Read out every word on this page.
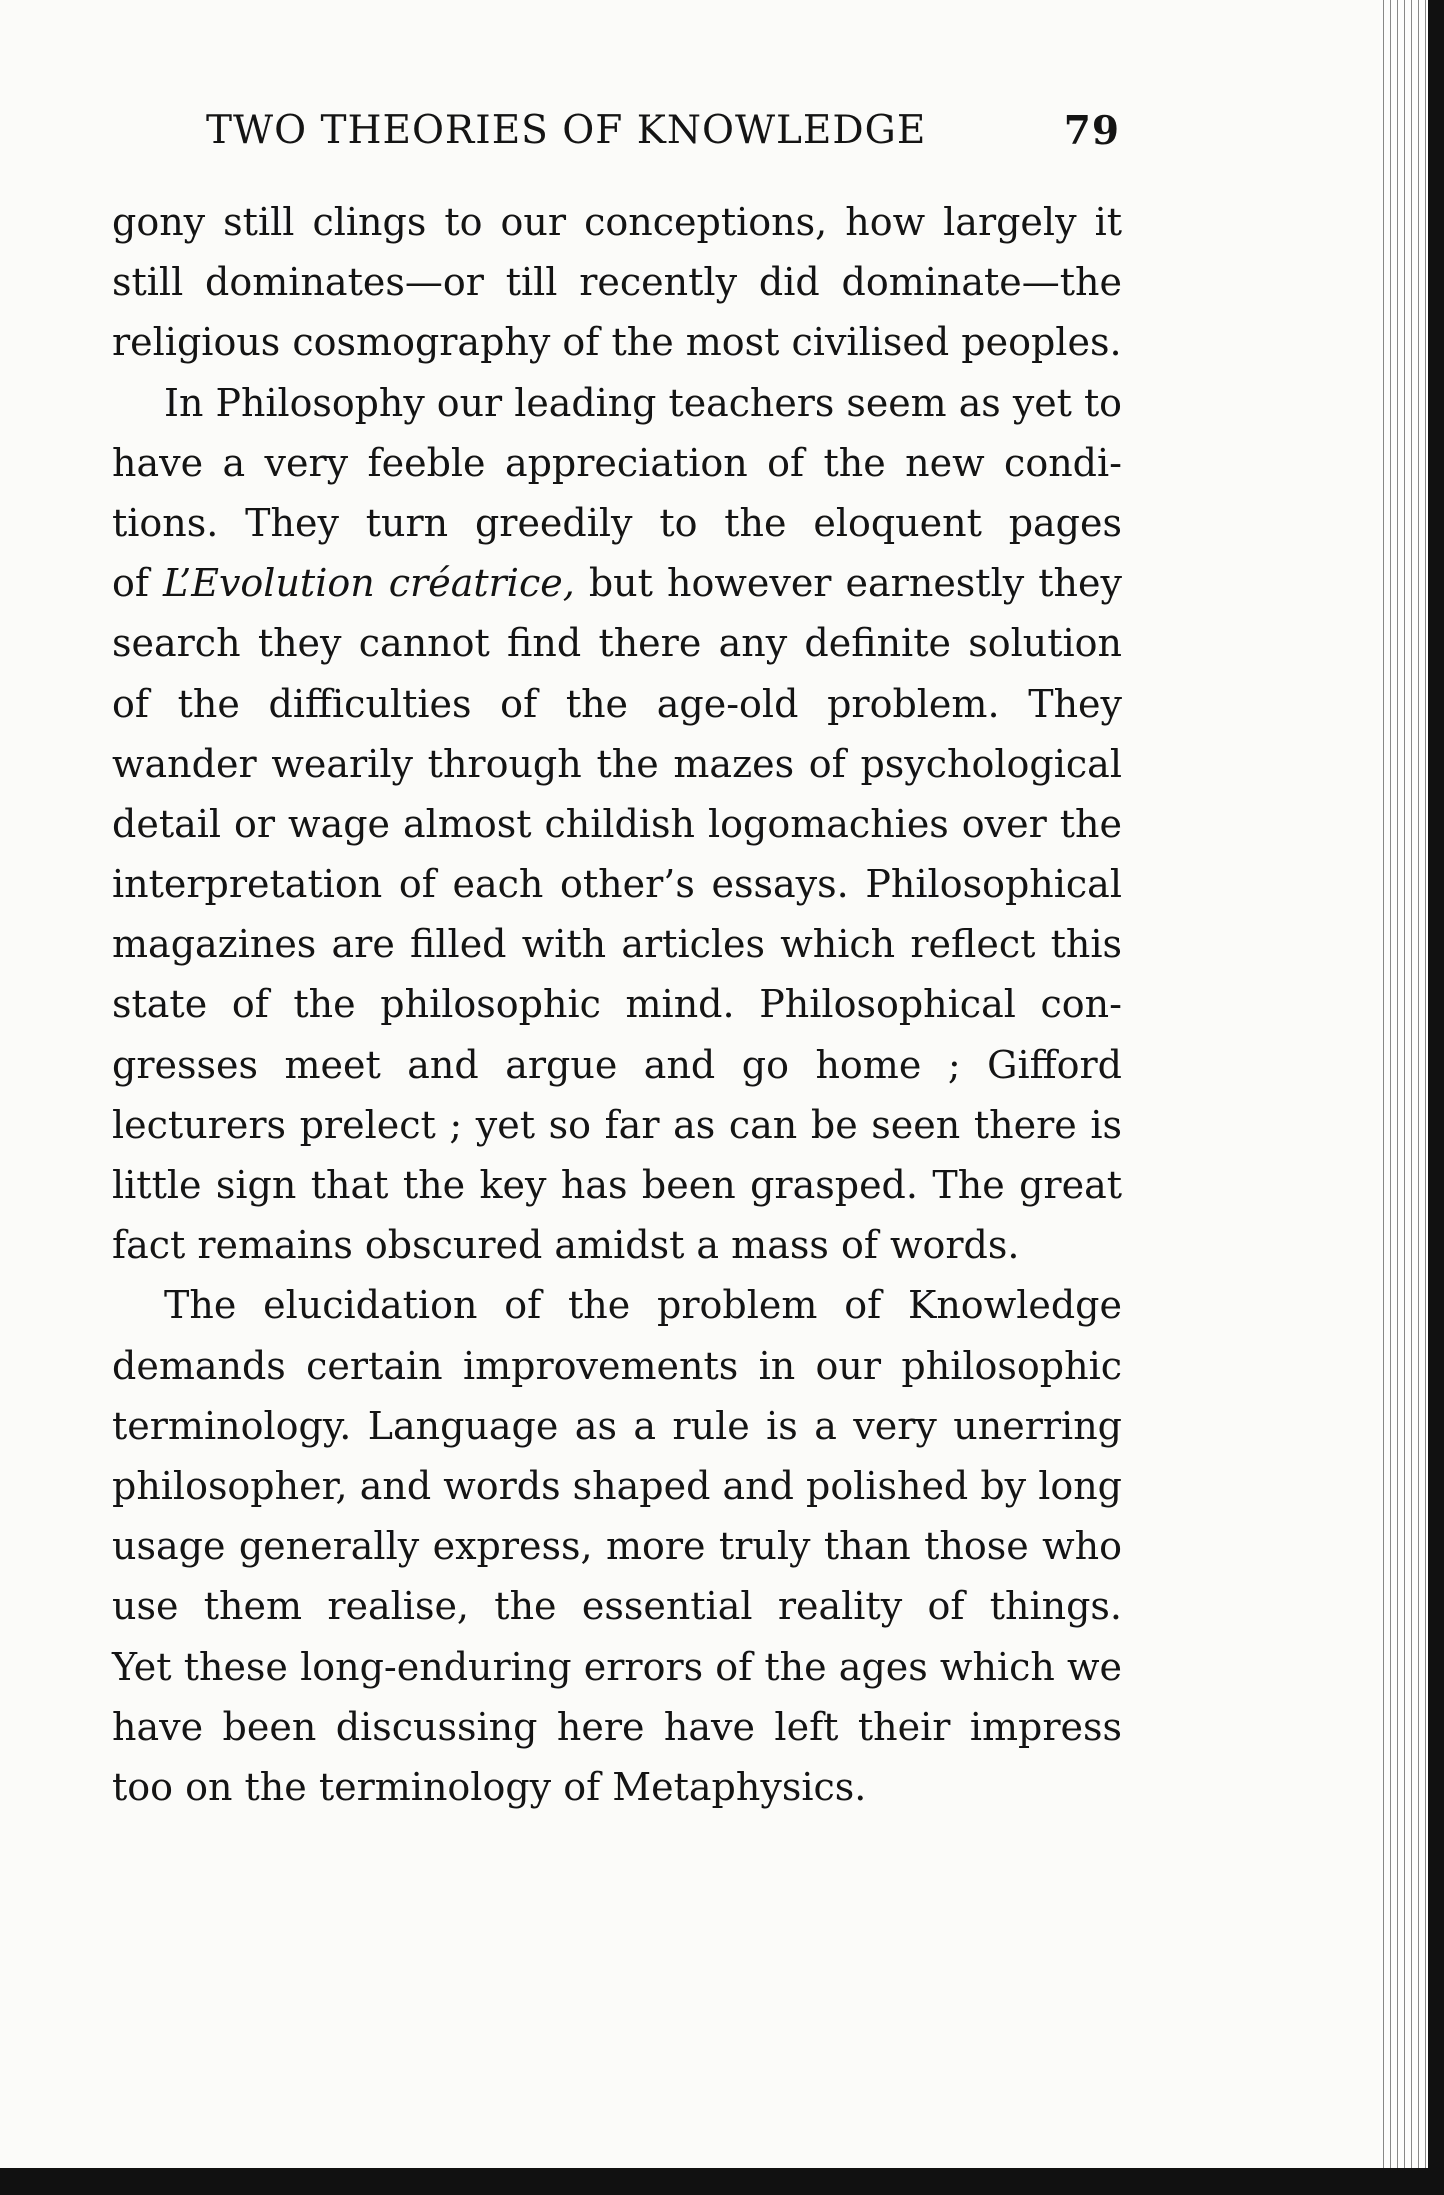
TWO THEORIES OF KNOWLEDGE	79
gony still clings to our conceptions, how largely it
still dominates—or till recently did dominate—the
religious cosmography of the most civilised peoples.
In Philosophy our leading teachers seem as yet to
have a very feeble appreciation of the new condi-
tions. They turn greedily to the eloquent pages
of L’Evolution créatrice, but however earnestly they
search they cannot find there any definite solution
of the difficulties of the age-old problem. They
wander wearily through the mazes of psychological
detail or wage almost childish logomachies over the
interpretation of each other’s essays. Philosophical
magazines are filled with articles which reflect this
state of the philosophic mind. Philosophical con-
gresses meet and argue and go home ; Gifford
lecturers prelect ; yet so far as can be seen there is
little sign that the key has been grasped. The great
fact remains obscured amidst a mass of words.
The elucidation of the problem of Knowledge
demands certain improvements in our philosophic
terminology. Language as a rule is a very unerring
philosopher, and words shaped and polished by long
usage generally express, more truly than those who
use them realise, the essential reality of things.
Yet these long-enduring errors of the ages which we
have been discussing here have left their impress
too on the terminology of Metaphysics.
